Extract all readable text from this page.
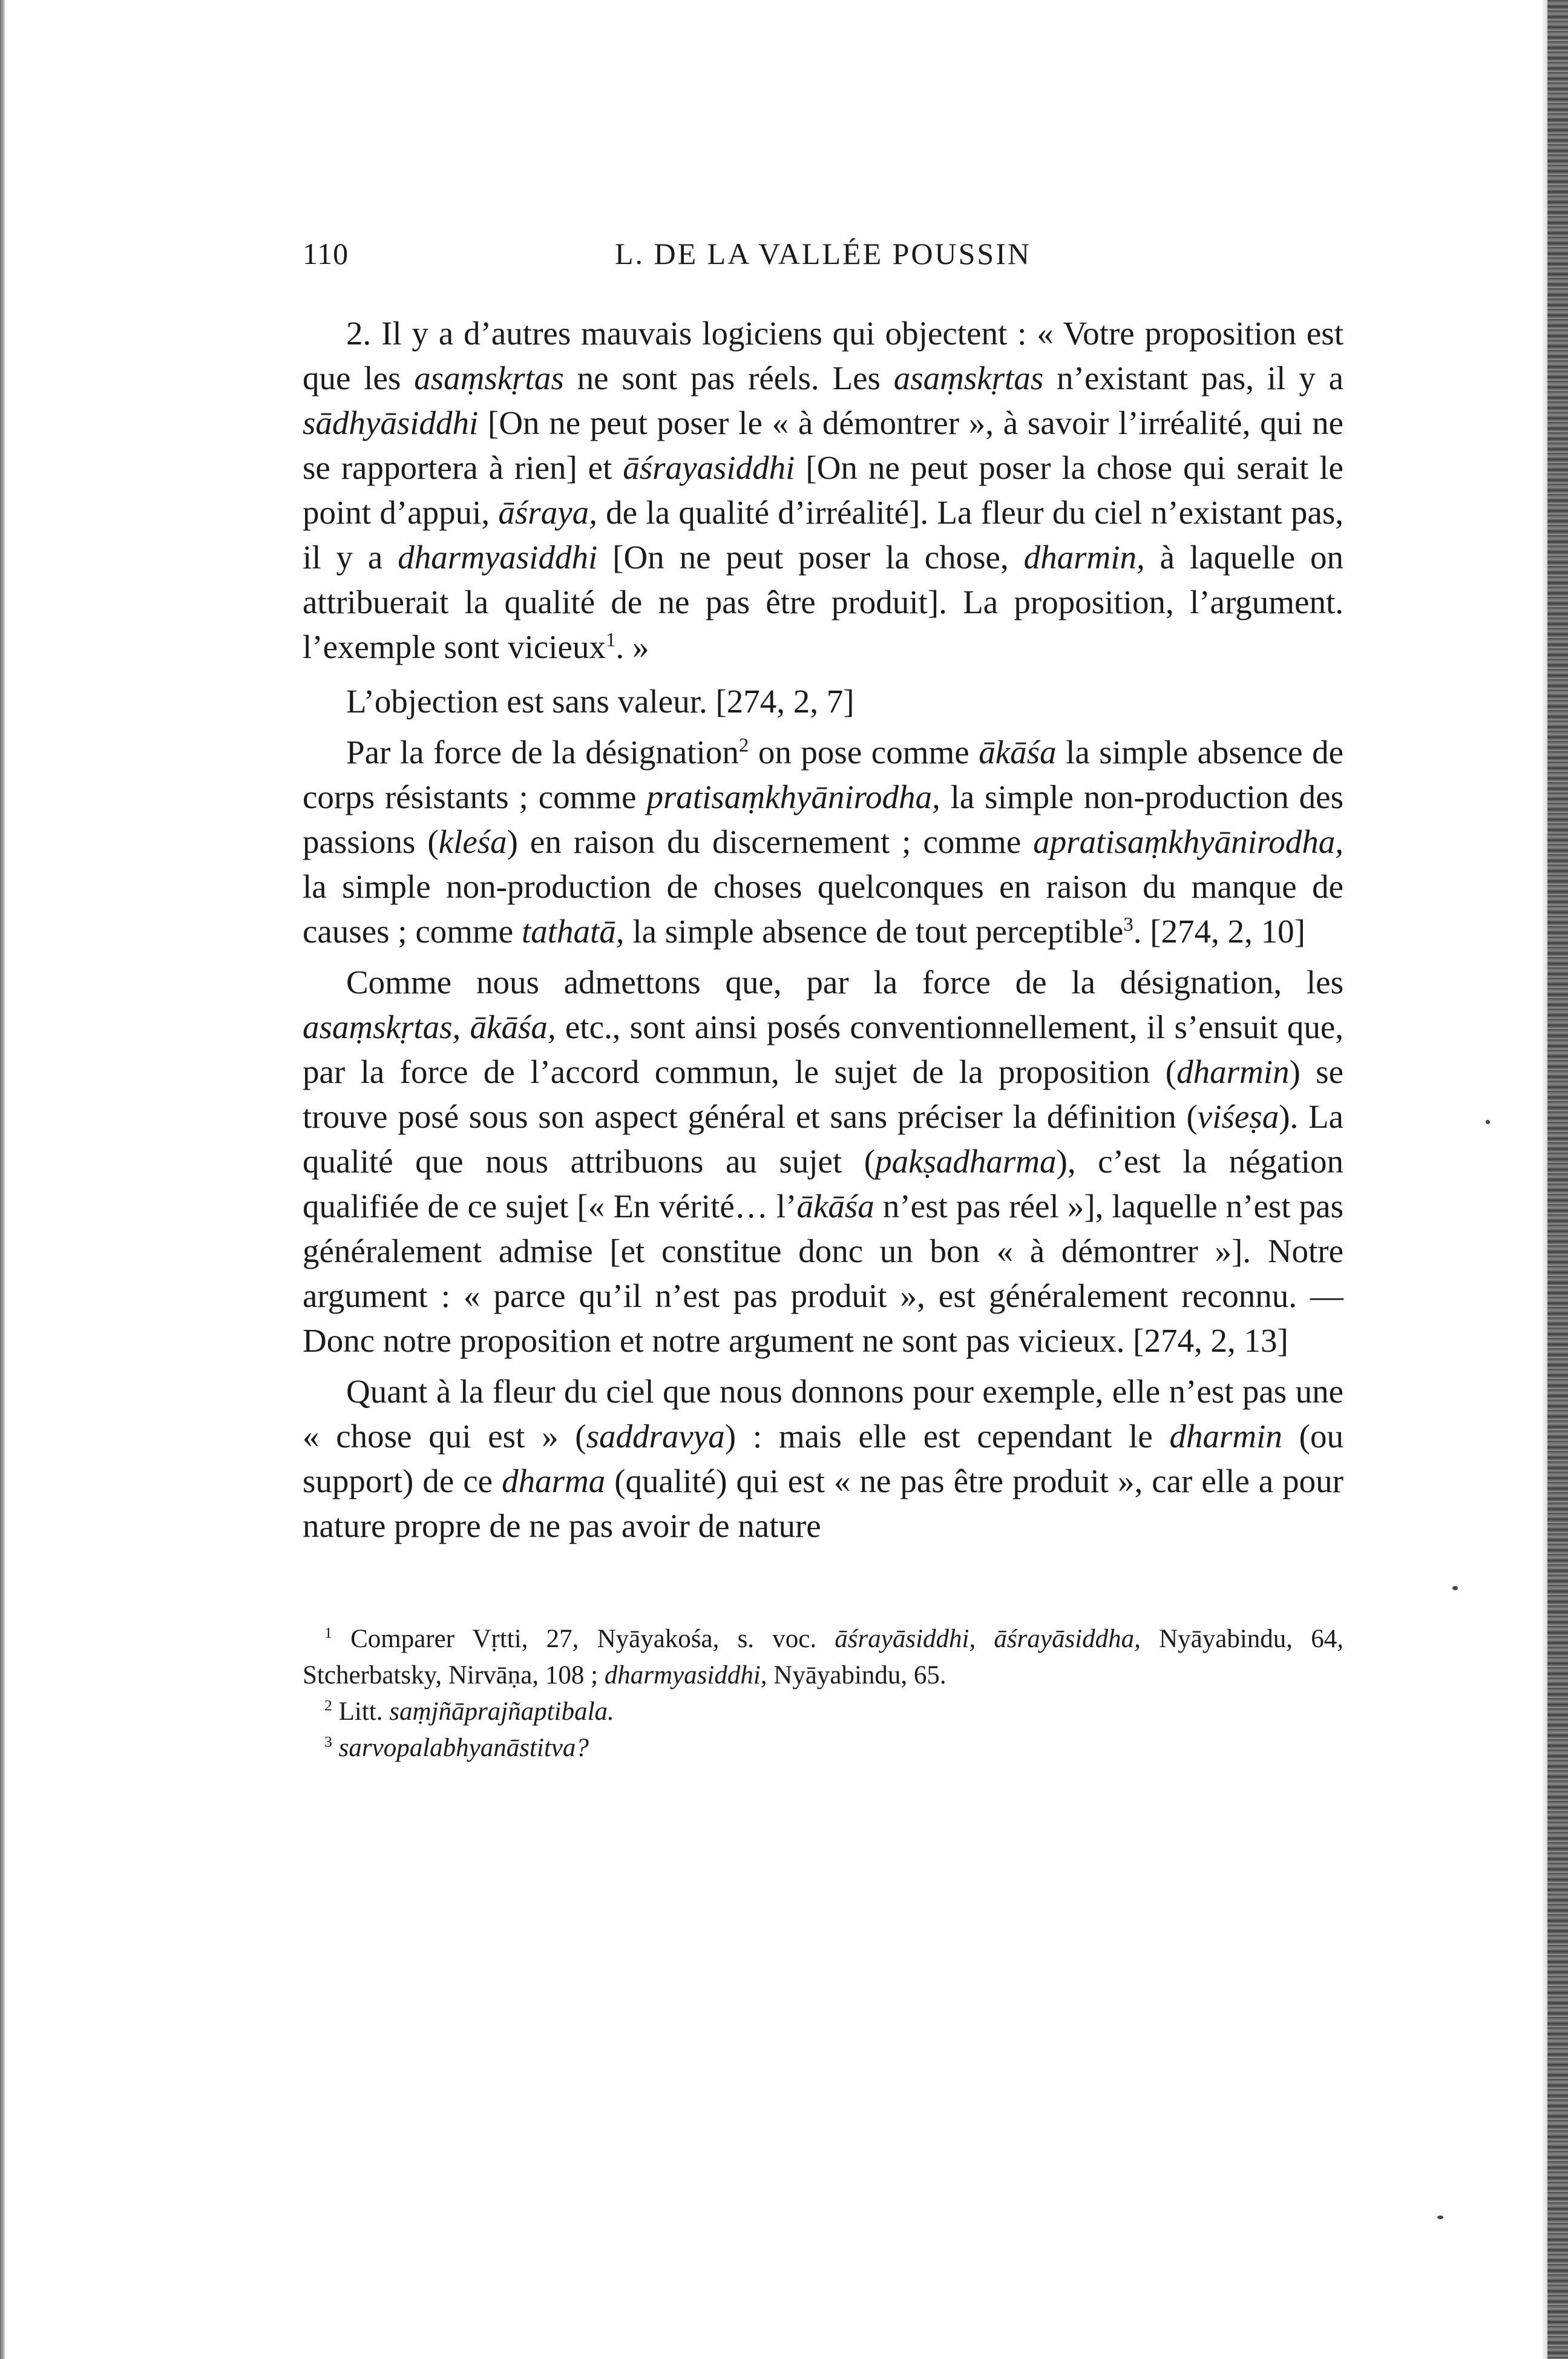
110	L. DE LA VALLÉE POUSSIN

2. Il y a d’autres mauvais logiciens qui objectent : « Votre proposition est que les asaṃskṛtas ne sont pas réels. Les asaṃskṛtas n’existant pas, il y a sādhyāsiddhi [On ne peut poser le « à démontrer », à savoir l’irréalité, qui ne se rapportera à rien] et āśrayasiddhi [On ne peut poser la chose qui serait le point d’appui, āśraya, de la qualité d’irréalité]. La fleur du ciel n’existant pas, il y a dharmyasiddhi [On ne peut poser la chose, dharmin, à laquelle on attribuerait la qualité de ne pas être produit]. La proposition, l’argument. l’exemple sont vicieux$^1$. »

L’objection est sans valeur. [274, 2, 7]

Par la force de la désignation$^2$ on pose comme ākāśa la simple absence de corps résistants ; comme pratisaṃkhyānirodha, la simple non-production des passions (kleśa) en raison du discernement ; comme apratisaṃkhyānirodha, la simple non-production de choses quelconques en raison du manque de causes ; comme tathatā, la simple absence de tout perceptible$^3$. [274, 2, 10]

Comme nous admettons que, par la force de la désignation, les asaṃskṛtas, ākāśa, etc., sont ainsi posés conventionnellement, il s’ensuit que, par la force de l’accord commun, le sujet de la proposition (dharmin) se trouve posé sous son aspect général et sans préciser la définition (viśeṣa). La qualité que nous attribuons au sujet (pakṣadharma), c’est la négation qualifiée de ce sujet [« En vérité… l’ākāśa n’est pas réel »], laquelle n’est pas généralement admise [et constitue donc un bon « à démontrer »]. Notre argument : « parce qu’il n’est pas produit », est généralement reconnu. — Donc notre proposition et notre argument ne sont pas vicieux. [274, 2, 13]

Quant à la fleur du ciel que nous donnons pour exemple, elle n’est pas une « chose qui est » (saddravya) : mais elle est cependant le dharmin (ou support) de ce dharma (qualité) qui est « ne pas être produit », car elle a pour nature propre de ne pas avoir de nature

$^1$ Comparer Vṛtti, 27, Nyāyakośa, s. voc. āśrayāsiddhi, āśrayāsiddha, Nyāyabindu, 64, Stcherbatsky, Nirvāṇa, 108 ; dharmyasiddhi, Nyāyabindu, 65.

$^2$ Litt. saṃjñāprajñaptibala.

$^3$ sarvopalabhyanāstitva?
